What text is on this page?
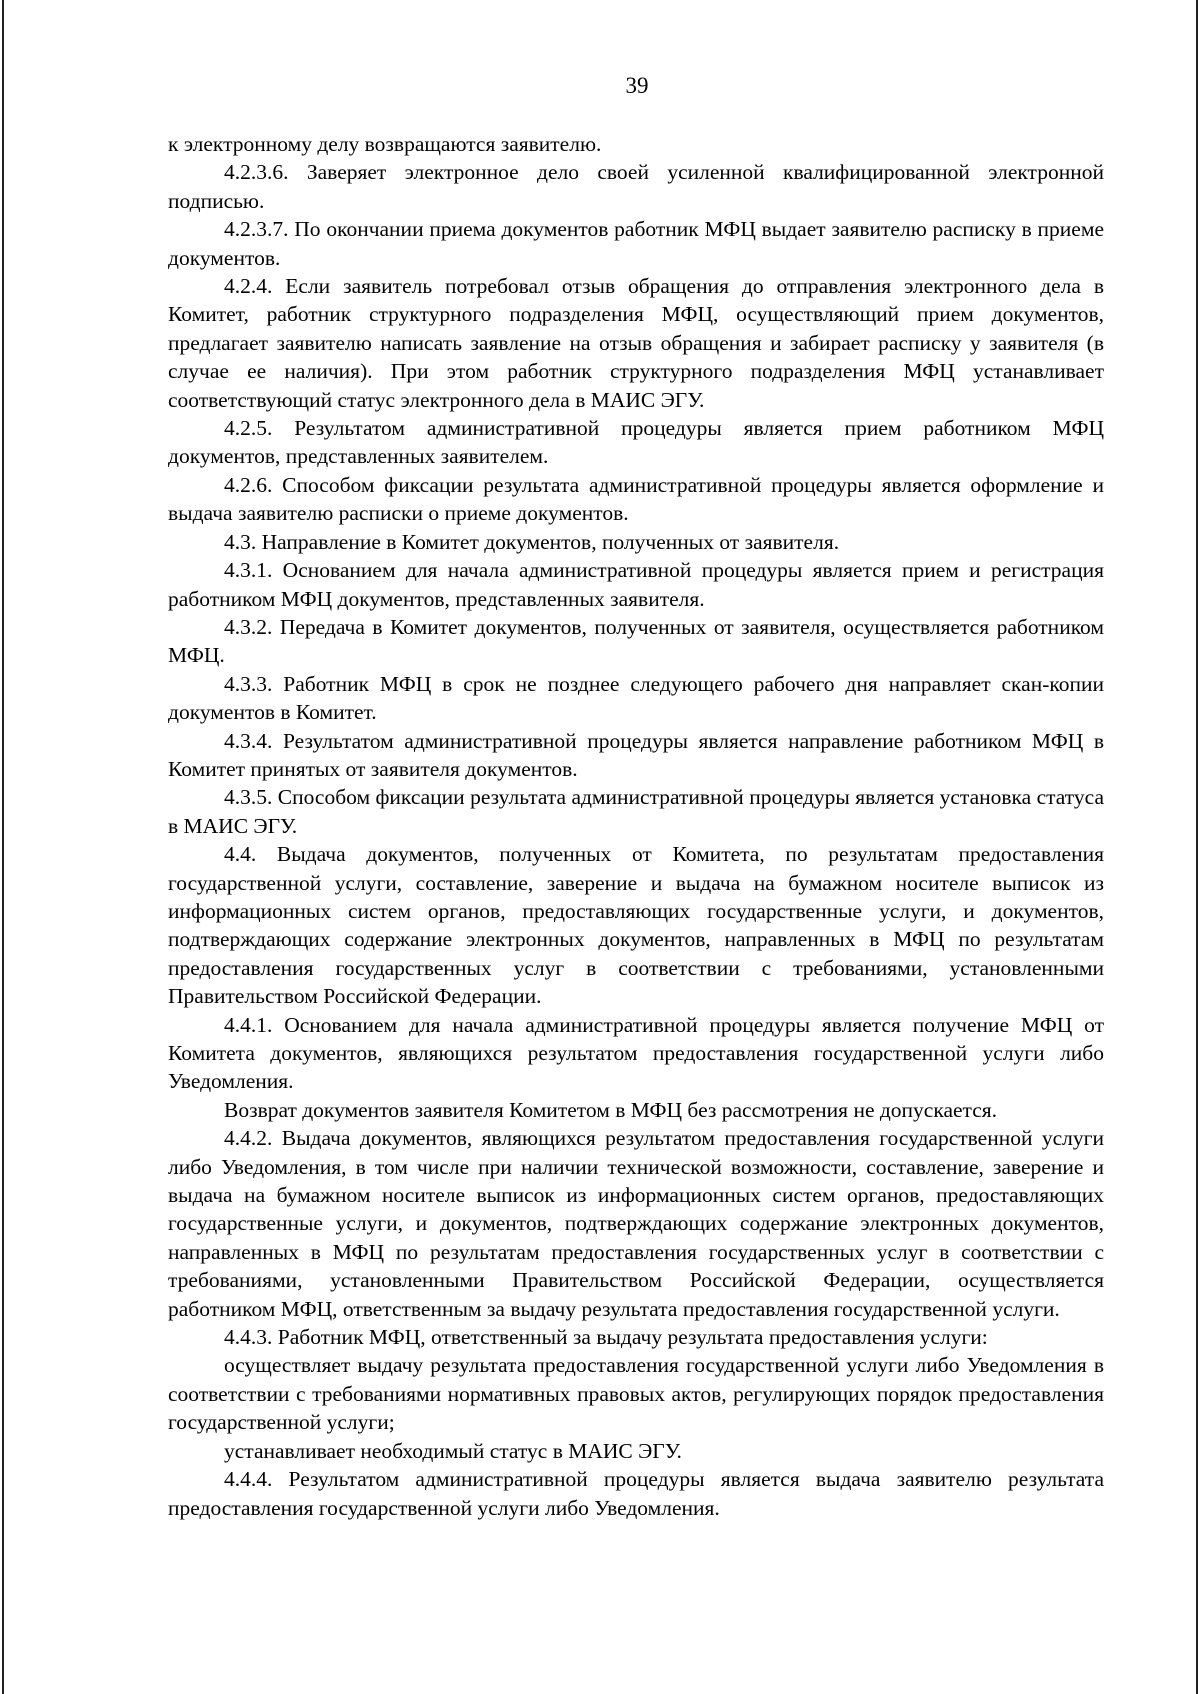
39

к электронному делу возвращаются заявителю.

4.2.3.6. Заверяет электронное дело своей усиленной квалифицированной электронной подписью.

4.2.3.7. По окончании приема документов работник МФЦ выдает заявителю расписку в приеме документов.

4.2.4. Если заявитель потребовал отзыв обращения до отправления электронного дела в Комитет, работник структурного подразделения МФЦ, осуществляющий прием документов, предлагает заявителю написать заявление на отзыв обращения и забирает расписку у заявителя (в случае ее наличия). При этом работник структурного подразделения МФЦ устанавливает соответствующий статус электронного дела в МАИС ЭГУ.

4.2.5. Результатом административной процедуры является прием работником МФЦ документов, представленных заявителем.

4.2.6. Способом фиксации результата административной процедуры является оформление и выдача заявителю расписки о приеме документов.

4.3. Направление в Комитет документов, полученных от заявителя.

4.3.1. Основанием для начала административной процедуры является прием и регистрация работником МФЦ документов, представленных заявителя.

4.3.2. Передача в Комитет документов, полученных от заявителя, осуществляется работником МФЦ.

4.3.3. Работник МФЦ в срок не позднее следующего рабочего дня направляет скан-копии документов в Комитет.

4.3.4. Результатом административной процедуры является направление работником МФЦ в Комитет принятых от заявителя документов.

4.3.5. Способом фиксации результата административной процедуры является установка статуса в МАИС ЭГУ.

4.4. Выдача документов, полученных от Комитета, по результатам предоставления государственной услуги, составление, заверение и выдача на бумажном носителе выписок из информационных систем органов, предоставляющих государственные услуги, и документов, подтверждающих содержание электронных документов, направленных в МФЦ по результатам предоставления государственных услуг в соответствии с требованиями, установленными Правительством Российской Федерации.

4.4.1. Основанием для начала административной процедуры является получение МФЦ от Комитета документов, являющихся результатом предоставления государственной услуги либо Уведомления.

Возврат документов заявителя Комитетом в МФЦ без рассмотрения не допускается.

4.4.2. Выдача документов, являющихся результатом предоставления государственной услуги либо Уведомления, в том числе при наличии технической возможности, составление, заверение и выдача на бумажном носителе выписок из информационных систем органов, предоставляющих государственные услуги, и документов, подтверждающих содержание электронных документов, направленных в МФЦ по результатам предоставления государственных услуг в соответствии с требованиями, установленными Правительством Российской Федерации, осуществляется работником МФЦ, ответственным за выдачу результата предоставления государственной услуги.

4.4.3. Работник МФЦ, ответственный за выдачу результата предоставления услуги:

осуществляет выдачу результата предоставления государственной услуги либо Уведомления в соответствии с требованиями нормативных правовых актов, регулирующих порядок предоставления государственной услуги;

устанавливает необходимый статус в МАИС ЭГУ.

4.4.4. Результатом административной процедуры является выдача заявителю результата предоставления государственной услуги либо Уведомления.
